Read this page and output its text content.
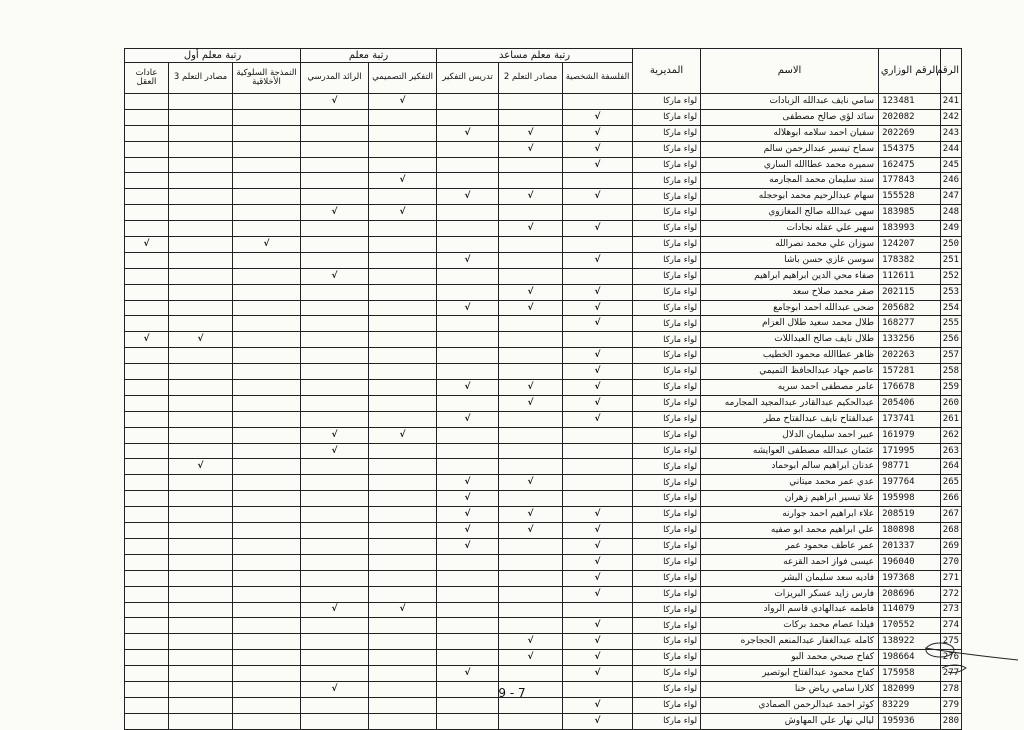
الرقم	الرقم الوزاري	الاسم	المديرية	رتبة معلم مساعد			رتبة معلم		رتبة معلم أول		
				الفلسفة الشخصية	مصادر التعلم 2	تدريس التفكير	التفكير التصميمي	الرائد المدرسي	النمذجة السلوكية الأخلاقية	مصادر التعلم 3	عادات العقل
241	123481	سامي نايف عبدالله الزبادات	لواء ماركا				√	√			
242	202082	سائد لؤي صالح مصطفى	لواء ماركا	√							
243	202269	سفيان احمد سلامه ابوهلاله	لواء ماركا	√	√	√					
244	154375	سماح تيسير عبدالرحمن سالم	لواء ماركا	√	√						
245	162475	سميره محمد عطاالله الساري	لواء ماركا	√							
246	177843	سند سليمان محمد المجارمه	لواء ماركا				√				
247	155528	سهام عبدالرحيم محمد ابوحجله	لواء ماركا	√	√	√					
248	183985	سهى عبدالله صالح المغازوي	لواء ماركا				√	√			
249	183993	سهير علي عقله نجادات	لواء ماركا	√	√						
250	124207	سوزان علي محمد نصرالله	لواء ماركا						√		√
251	178382	سوسن غازي حسن باشا	لواء ماركا	√		√					
252	112611	صفاء محي الدين ابراهيم ابراهيم	لواء ماركا					√			
253	202115	صقر محمد صلاح سعد	لواء ماركا	√	√						
254	205682	ضحى عبدالله احمد ابوجامع	لواء ماركا	√	√	√					
255	168277	طلال محمد سعيد طلال العزام	لواء ماركا	√							
256	133256	طلال نايف صالح العبداللات	لواء ماركا							√	√
257	202263	ظاهر عطاالله محمود الخطيب	لواء ماركا	√							
258	157281	عاصم جهاد عبدالحافظ التميمي	لواء ماركا	√							
259	176678	عامر مصطفى احمد سريه	لواء ماركا	√	√	√					
260	205406	عبدالحكيم عبدالقادر عبدالمجيد المجارمه	لواء ماركا	√	√						
261	173741	عبدالفتاح نايف عبدالفتاح مطر	لواء ماركا	√		√					
262	161979	عبير احمد سليمان الدلال	لواء ماركا				√	√			
263	171995	عثمان عبدالله مصطفى العوايشه	لواء ماركا					√			
264	98771	عدنان ابراهيم سالم ابوحماد	لواء ماركا							√	
265	197764	عدي عمر محمد ميتاني	لواء ماركا		√	√					
266	195998	علا تيسير ابراهيم زهران	لواء ماركا			√					
267	208519	علاء ابراهيم احمد جوارنه	لواء ماركا	√	√	√					
268	180898	علي ابراهيم محمد ابو صفيه	لواء ماركا	√	√	√					
269	201337	عمر عاطف محمود عمر	لواء ماركا	√		√					
270	196040	عيسى فواز احمد القزعه	لواء ماركا	√							
271	197368	فاديه سعد سليمان البشر	لواء ماركا	√							
272	208696	فارس زايد عسكر البريزات	لواء ماركا	√							
273	114079	فاطمه عبدالهادي قاسم الرواد	لواء ماركا				√	√			
274	170552	فيلدا عصام محمد بركات	لواء ماركا	√							
275	138922	كامله عبدالغفار عبدالمنعم الحجاجره	لواء ماركا	√	√						
276	198664	كفاح صبحي محمد البو	لواء ماركا	√	√						
277	175958	كفاح محمود عبدالفتاح ابوتصير	لواء ماركا	√		√					
278	182099	كلارا سامي رياض حنا	لواء ماركا					√			
279	83229	كوثر احمد عبدالرحمن الصمادي	لواء ماركا	√							
280	195936	ليالي نهار علي المهاوش	لواء ماركا	√							
9 - 7
